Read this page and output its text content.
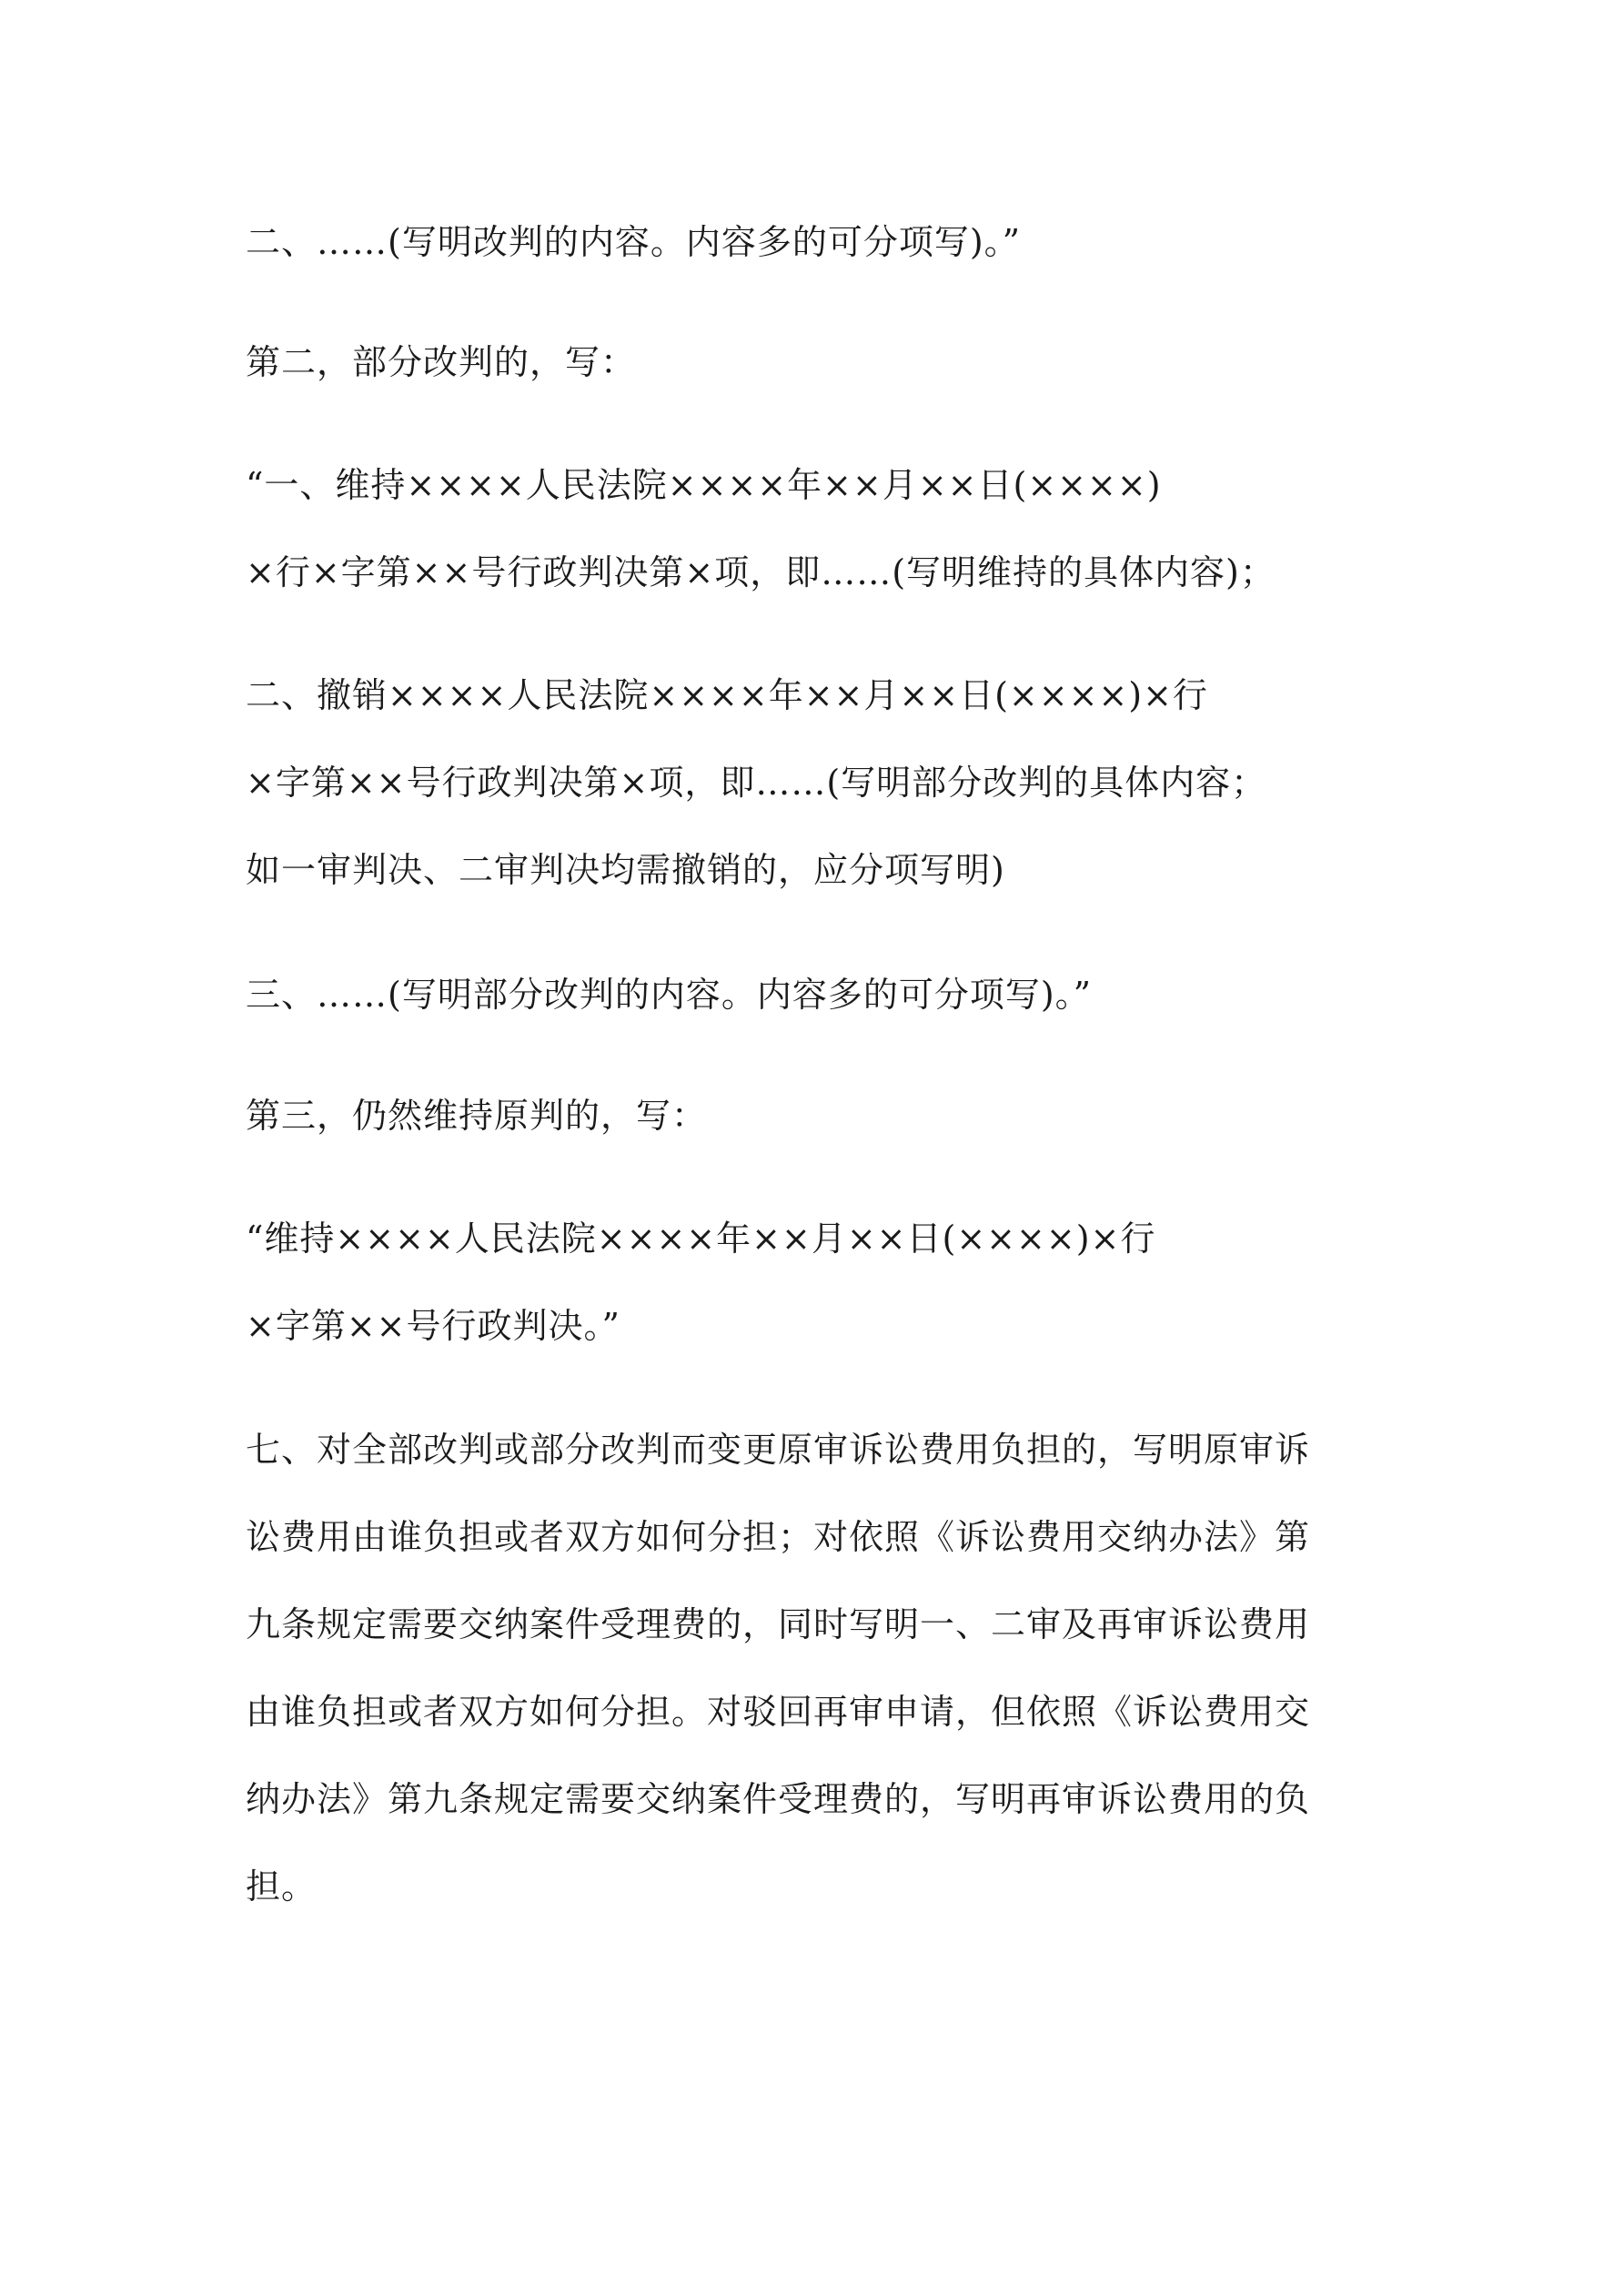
二、……(写明改判的内容。内容多的可分项写)。”

第二，部分改判的，写：

“一、维持××××人民法院××××年××月××日(××××)
×行×字第××号行政判决第×项，即……(写明维持的具体内容)；

二、撤销××××人民法院××××年××月××日(××××)×行
×字第××号行政判决第×项，即……(写明部分改判的具体内容；
如一审判决、二审判决均需撤销的，应分项写明)

三、……(写明部分改判的内容。内容多的可分项写)。”

第三，仍然维持原判的，写：

“维持××××人民法院××××年××月××日(××××)×行
×字第××号行政判决。”

七、对全部改判或部分改判而变更原审诉讼费用负担的，写明原审诉
讼费用由谁负担或者双方如何分担；对依照《诉讼费用交纳办法》第
九条规定需要交纳案件受理费的，同时写明一、二审及再审诉讼费用
由谁负担或者双方如何分担。对驳回再审申请，但依照《诉讼费用交
纳办法》第九条规定需要交纳案件受理费的，写明再审诉讼费用的负
担。
